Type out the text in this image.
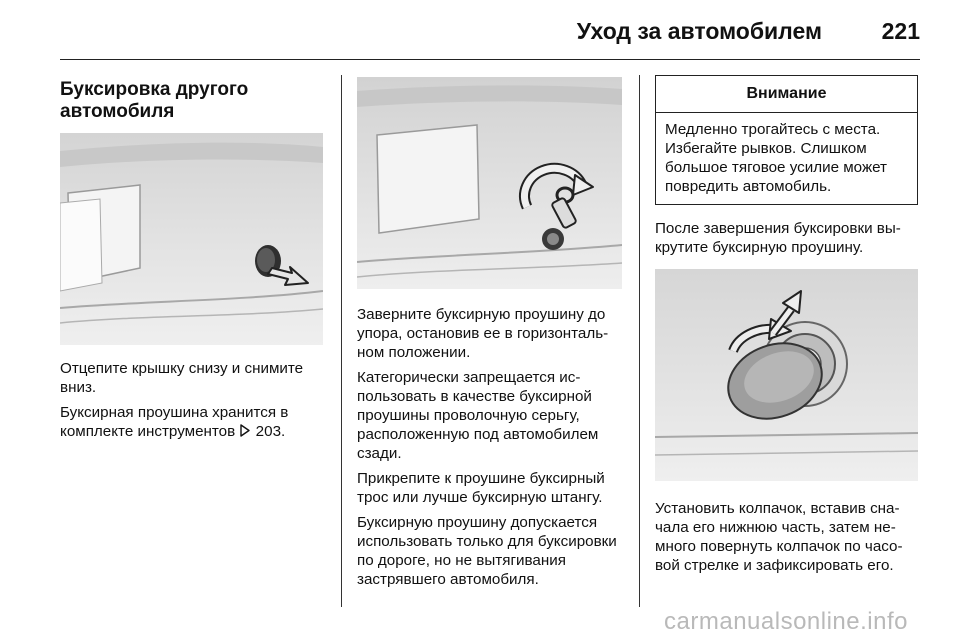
Уход за автомобилем	221
Буксировка другого
автомобиля

Отцепите крышку снизу и снимите вниз.

Буксирная проушина хранится в комплекте инструментов 203.

Заверните буксирную проушину до упора, остановив ее в горизонтальном положении.

Категорически запрещается использовать в качестве буксирной проушины проволочную серьгу, расположенную под автомобилем сзади.

Прикрепите к проушине буксирный трос или лучше буксирную штангу.

Буксирную проушину допускается использовать только для буксировки по дороге, но не вытягивания застрявшего автомобиля.

Внимание
Медленно трогайтесь с места. Избегайте рывков. Слишком большое тяговое усилие может повредить автомобиль.

После завершения буксировки выкрутите буксирную проушину.

Установить колпачок, вставив сначала его нижнюю часть, затем немного повернуть колпачок по часовой стрелке и зафиксировать его.

carmanualsonline.info
